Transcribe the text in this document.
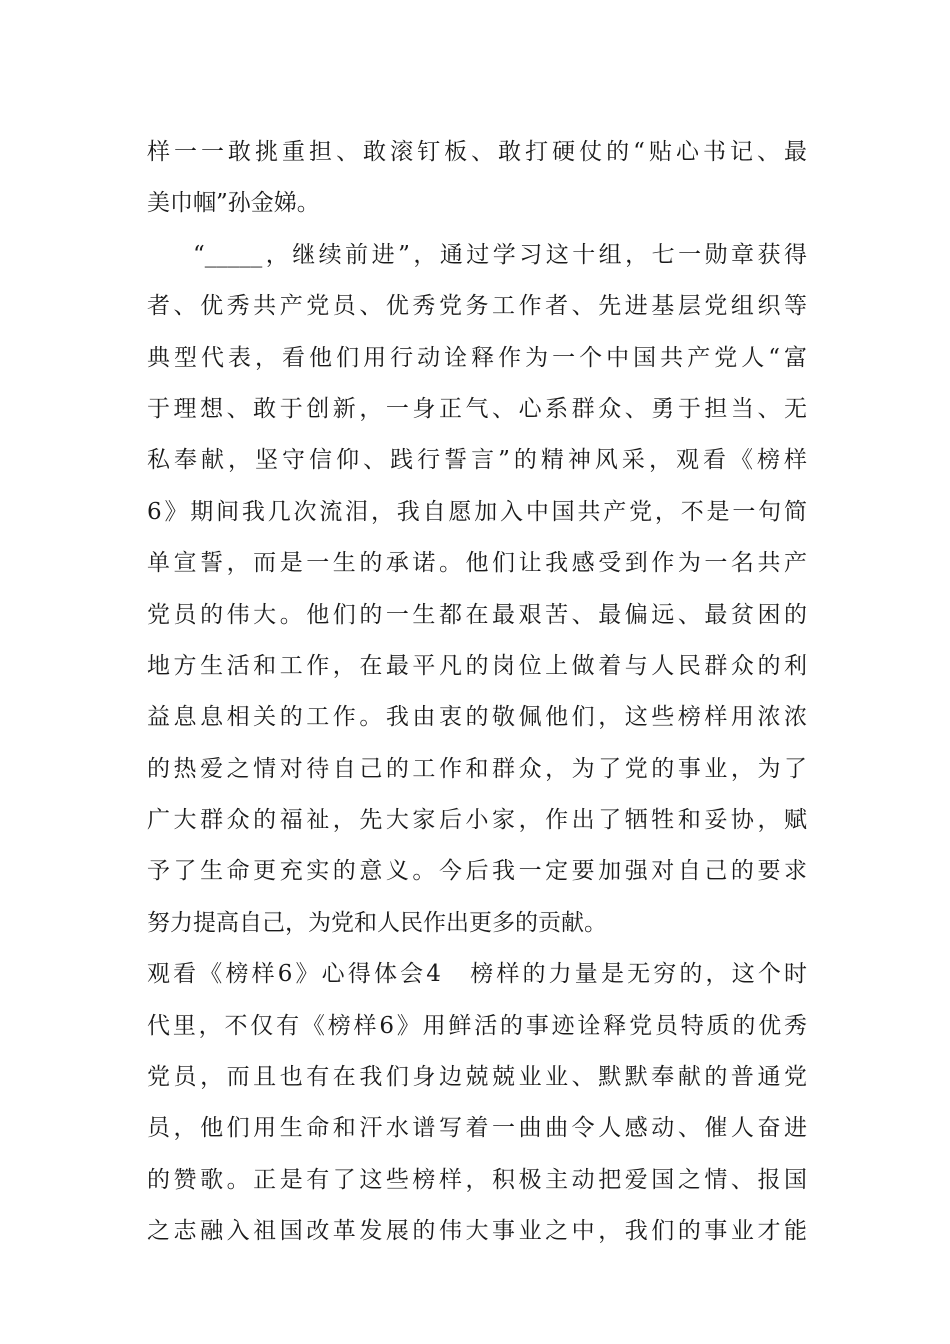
样一一敢挑重担、敢滚钉板、敢打硬仗的“贴心书记、最
美巾帼”孙金娣。
“_____，继续前进”，通过学习这十组，七一勋章获得
者、优秀共产党员、优秀党务工作者、先进基层党组织等
典型代表，看他们用行动诠释作为一个中国共产党人“富
于理想、敢于创新，一身正气、心系群众、勇于担当、无
私奉献，坚守信仰、践行誓言”的精神风采，观看《榜样
6》期间我几次流泪，我自愿加入中国共产党，不是一句简
单宣誓，而是一生的承诺。他们让我感受到作为一名共产
党员的伟大。他们的一生都在最艰苦、最偏远、最贫困的
地方生活和工作，在最平凡的岗位上做着与人民群众的利
益息息相关的工作。我由衷的敬佩他们，这些榜样用浓浓
的热爱之情对待自己的工作和群众，为了党的事业，为了
广大群众的福祉，先大家后小家，作出了牺牲和妥协，赋
予了生命更充实的意义。今后我一定要加强对自己的要求
努力提高自己，为党和人民作出更多的贡献。
观看《榜样6》心得体会4　榜样的力量是无穷的，这个时
代里，不仅有《榜样6》用鲜活的事迹诠释党员特质的优秀
党员，而且也有在我们身边兢兢业业、默默奉献的普通党
员，他们用生命和汗水谱写着一曲曲令人感动、催人奋进
的赞歌。正是有了这些榜样，积极主动把爱国之情、报国
之志融入祖国改革发展的伟大事业之中，我们的事业才能
